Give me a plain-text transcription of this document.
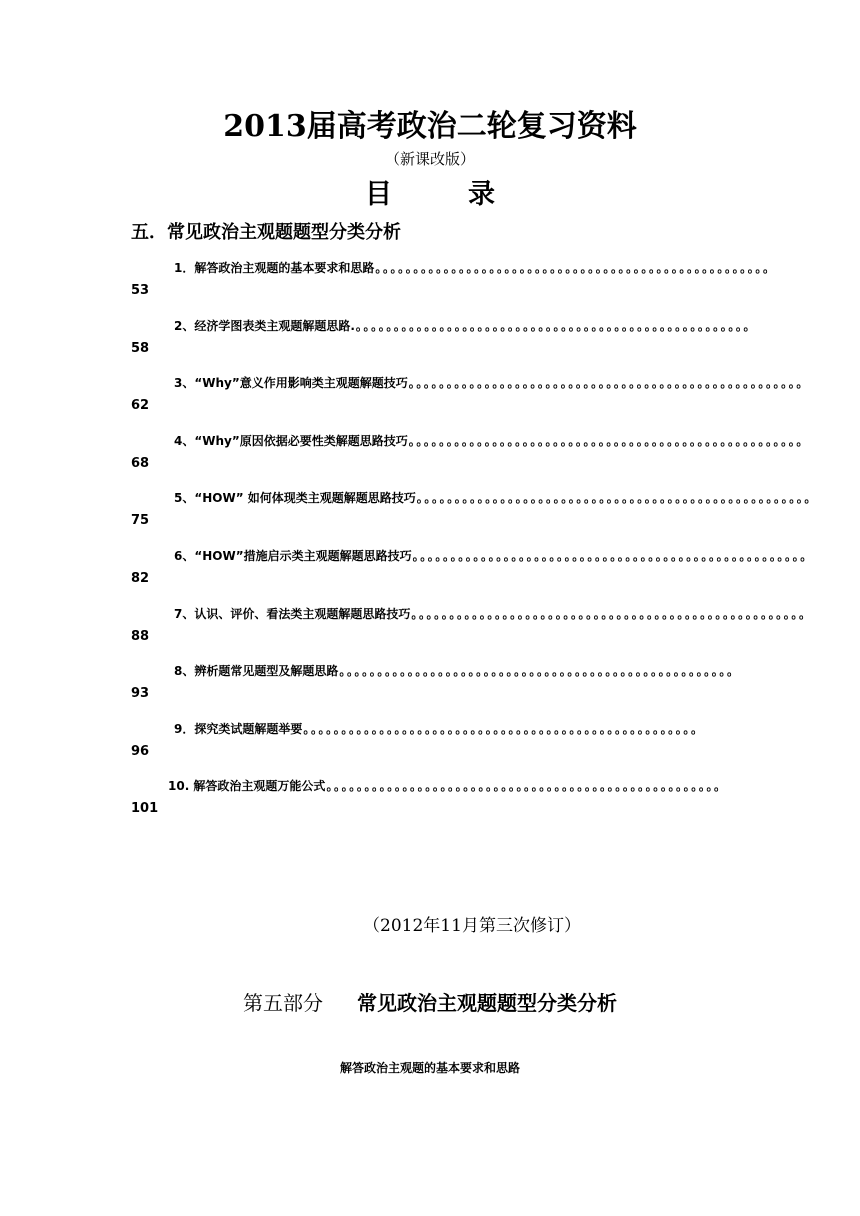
2013届高考政治二轮复习资料
（新课改版）
目录
五．常见政治主观题题型分类分析
1．解答政治主观题的基本要求和思路 。。。。。。。。。。。。。。。。。。。。。。。。。。。。。。。。。。。。。。。。。。。。。。。。。。。。
53
2、经济学图表类主观题解题思路. 。。。。。。。。。。。。。。。。。。。。。。。。。。。。。。。。。。。。。。。。。。。。。。。。。。。。
58
3、“Why”意义作用影响类主观题解题技巧 。。。。。。。。。。。。。。。。。。。。。。。。。。。。。。。。。。。。。。。。。。。。。。。。。。。。
62
4、“Why”原因依据必要性类解题思路技巧 。。。。。。。。。。。。。。。。。。。。。。。。。。。。。。。。。。。。。。。。。。。。。。。。。。。。
68
5、“HOW” 如何体现类主观题解题思路技巧 。。。。。。。。。。。。。。。。。。。。。。。。。。。。。。。。。。。。。。。。。。。。。。。。。。。。
75
6、“HOW”措施启示类主观题解题思路技巧 。。。。。。。。。。。。。。。。。。。。。。。。。。。。。。。。。。。。。。。。。。。。。。。。。。。。
82
7、认识、评价、看法类主观题解题思路技巧 。。。。。。。。。。。。。。。。。。。。。。。。。。。。。。。。。。。。。。。。。。。。。。。。。。。。
88
8、辨析题常见题型及解题思路 。。。。。。。。。。。。。。。。。。。。。。。。。。。。。。。。。。。。。。。。。。。。。。。。。。。。
93
9．探究类试题解题举要 。。。。。。。。。。。。。。。。。。。。。。。。。。。。。。。。。。。。。。。。。。。。。。。。。。。。
96
10. 解答政治主观题万能公式 。。。。。。。。。。。。。。。。。。。。。。。。。。。。。。。。。。。。。。。。。。。。。。。。。。。。
101
（2012年11月第三次修订）
第五部分 常见政治主观题题型分类分析
解答政治主观题的基本要求和思路
